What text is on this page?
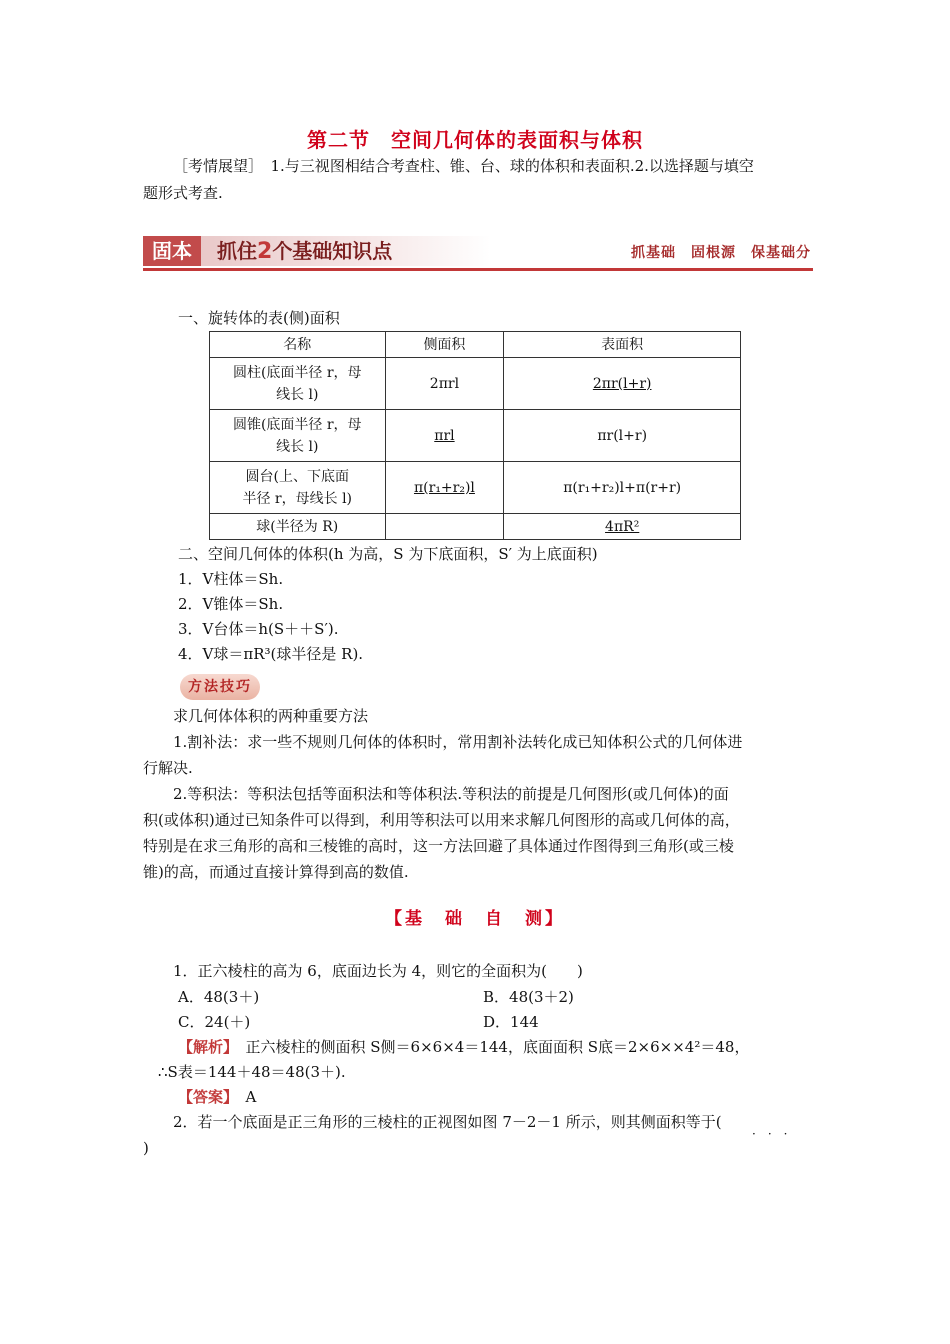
第二节　空间几何体的表面积与体积
［考情展望］　1.与三视图相结合考查柱、锥、台、球的体积和表面积.2.以选择题与填空
题形式考查.
固本	抓住2个基础知识点	抓基础　固根源　保基础分
一、旋转体的表(侧)面积
名称	侧面积	表面积

圆柱(底面半径 r，母
线长 l)	2πrl	2πr(l+r)

圆锥(底面半径 r，母
线长 l)	πrl	πr(l+r)

圆台(上、下底面
半径 r，母线长 l)	π(r₁+r₂)l	π(r₁+r₂)l+π(r+r)
球(半径为 R)		4πR²
二、空间几何体的体积(h 为高，S 为下底面积，S′ 为上底面积)
1．V柱体＝Sh.
2．V锥体＝Sh.
3．V台体＝h(S＋＋S′).
4．V球＝πR³(球半径是 R).
方法技巧
求几何体体积的两种重要方法
1.割补法：求一些不规则几何体的体积时，常用割补法转化成已知体积公式的几何体进
行解决.
2.等积法：等积法包括等面积法和等体积法.等积法的前提是几何图形(或几何体)的面
积(或体积)通过已知条件可以得到，利用等积法可以用来求解几何图形的高或几何体的高，
特别是在求三角形的高和三棱锥的高时，这一方法回避了具体通过作图得到三角形(或三棱
锥)的高，而通过直接计算得到高的数值.
【基　础　自　测】
1．正六棱柱的高为 6，底面边长为 4，则它的全面积为(　　)
A．48(3＋)	B．48(3＋2)
C．24(＋)	D．144
【解析】　正六棱柱的侧面积 S侧＝6×6×4＝144，底面面积 S底＝2×6××4²＝48，
∴S表＝144＋48＝48(3＋).
【答案】　A
2．若一个底面是正三角形的三棱柱的正视图如图 7－2－1 所示，则其侧面积等于(
···
)
